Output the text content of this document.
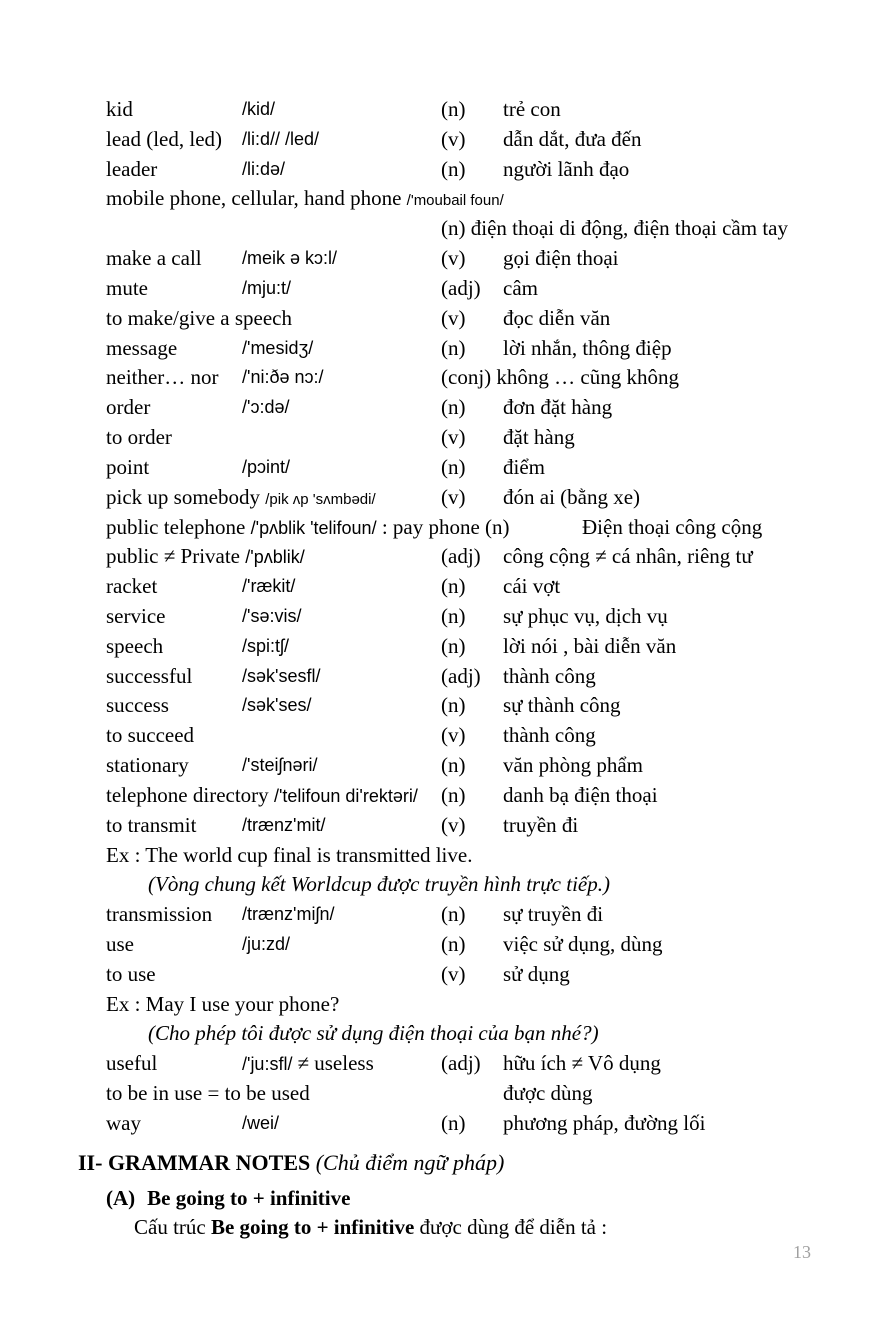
kid	/kid/	(n) trẻ con
lead (led, led) /li:d// /led/	(v) dẫn dắt, đưa đến
leader	/li:də/	(n) người lãnh đạo
mobile phone, cellular, hand phone /'moubail foun/
(n) điện thoại di động, điện thoại cầm tay
make a call /meik ə kɔ:l/	(v) gọi điện thoại
mute	/mju:t/	(adj) câm
to make/give a speech	(v) đọc diễn văn
message	/'mesidʒ/	(n) lời nhắn, thông điệp
neither… nor /'ni:ðə nɔ:/	(conj) không … cũng không
order	/'ɔ:də/	(n) đơn đặt hàng
to order	(v) đặt hàng
point	/pɔint/	(n) điểm
pick up somebody /pik ʌp 'sʌmbədi/	(v) đón ai (bằng xe)
public telephone /'pʌblik 'telifoun/ : pay phone (n)	Điện thoại công cộng
public ≠ Private /'pʌblik/	(adj) công cộng ≠ cá nhân, riêng tư
racket	/'rækit/	(n) cái vợt
service	/'sə:vis/	(n) sự phục vụ, dịch vụ
speech	/spi:tʃ/	(n) lời nói , bài diễn văn
successful	/sək'sesfl/	(adj) thành công
success	/sək'ses/	(n) sự thành công
to succeed	(v) thành công
stationary	/'steiʃnəri/	(n) văn phòng phẩm
telephone directory /'telifoun di'rektəri/ (n) danh bạ điện thoại
to transmit	/trænz'mit/	(v) truyền đi
Ex : The world cup final is transmitted live.
(Vòng chung kết Worldcup được truyền hình trực tiếp.)
transmission /trænz'miʃn/	(n) sự truyền đi
use	/ju:zd/	(n) việc sử dụng, dùng
to use	(v) sử dụng
Ex : May I use your phone?
(Cho phép tôi được sử dụng điện thoại của bạn nhé?)
useful	/'ju:sfl/ ≠ useless	(adj) hữu ích ≠ Vô dụng
to be in use = to be used	được dùng
way	/wei/	(n) phương pháp, đường lối
II- GRAMMAR NOTES (Chủ điểm ngữ pháp)
(A) Be going to + infinitive
Cấu trúc Be going to + infinitive được dùng để diễn tả :
13
